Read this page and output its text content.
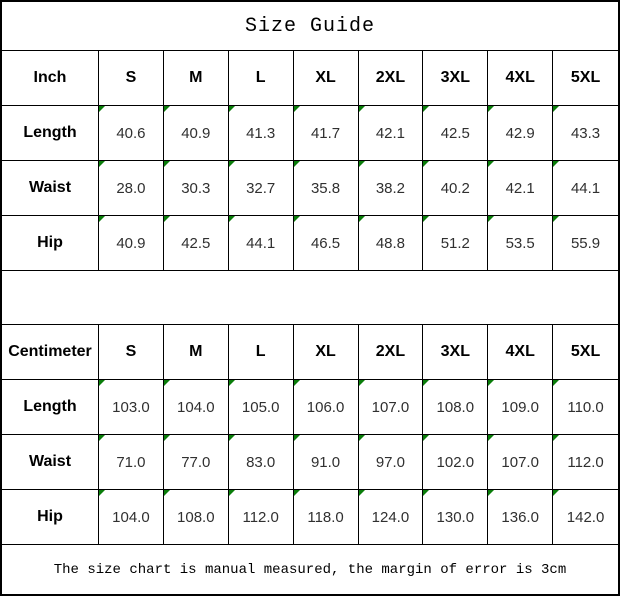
Size Guide
Inch	S	M	L	XL	2XL	3XL	4XL	5XL
Length	40.6 40.9 41.3 41.7 42.1 42.5 42.9 43.3
Waist	28.0 30.3 32.7 35.8 38.2 40.2 42.1 44.1
Hip	40.9 42.5 44.1 46.5 48.8 51.2 53.5 55.9
Centimeter	S	M	L	XL	2XL	3XL	4XL	5XL
Length	103.0 104.0 105.0 106.0 107.0 108.0 109.0 110.0
Waist	71.0 77.0 83.0 91.0 97.0 102.0 107.0 112.0
Hip	104.0 108.0 112.0 118.0 124.0 130.0 136.0 142.0
The size chart is manual measured, the margin of error is 3cm
